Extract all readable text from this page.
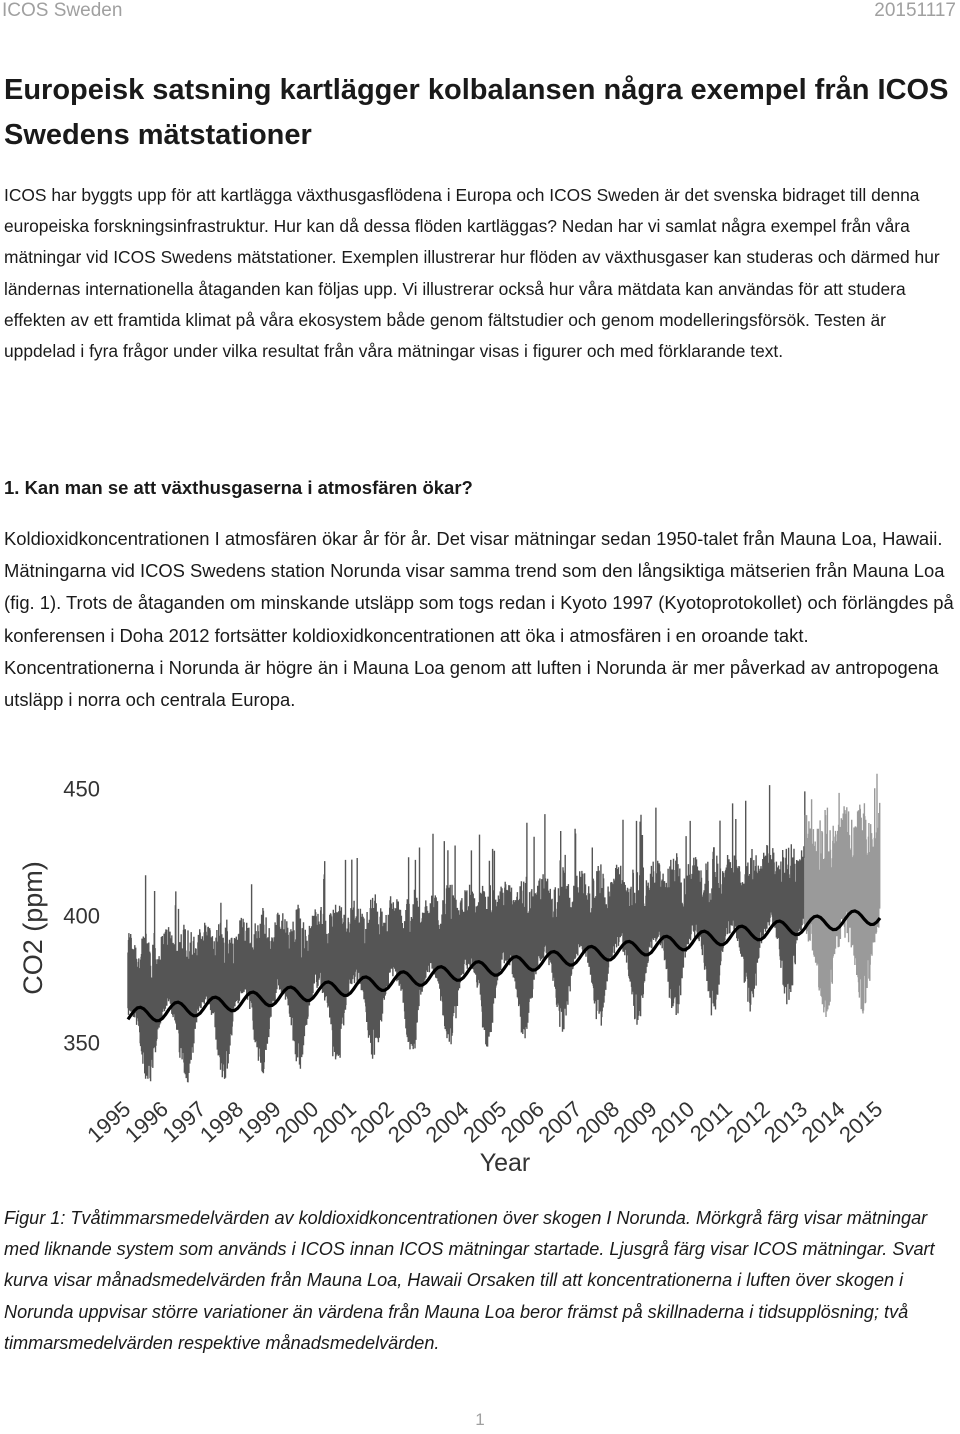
ICOS Sweden	20151117
Europeisk satsning kartlägger kolbalansen några exempel från ICOS Swedens mätstationer

ICOS har byggts upp för att kartlägga växthusgasflödena i Europa och ICOS Sweden är det svenska bidraget till denna europeiska forskningsinfrastruktur. Hur kan då dessa flöden kartläggas? Nedan har vi samlat några exempel från våra mätningar vid ICOS Swedens mätstationer. Exemplen illustrerar hur flöden av växthusgaser kan studeras och därmed hur ländernas internationella åtaganden kan följas upp. Vi illustrerar också hur våra mätdata kan användas för att studera effekten av ett framtida klimat på våra ekosystem både genom fältstudier och genom modelleringsförsök. Testen är uppdelad i fyra frågor under vilka resultat från våra mätningar visas i figurer och med förklarande text.

1. Kan man se att växthusgaserna i atmosfären ökar?

Koldioxidkoncentrationen I atmosfären ökar år för år. Det visar mätningar sedan 1950-talet från Mauna Loa, Hawaii. Mätningarna vid ICOS Swedens station Norunda visar samma trend som den långsiktiga mätserien från Mauna Loa (fig. 1). Trots de åtaganden om minskande utsläpp som togs redan i Kyoto 1997 (Kyotoprotokollet) och förlängdes på konferensen i Doha 2012 fortsätter koldioxidkoncentrationen att öka i atmosfären i en oroande takt. Koncentrationerna i Norunda är högre än i Mauna Loa genom att luften i Norunda är mer påverkad av antropogena utsläpp i norra och centrala Europa.

CO2 (ppm)
350
400
450
1995
1996
1997
1998
1999
2000
2001
2002
2003
2004
2005
2006
2007
2008
2009
2010
2011
2012
2013
2014
2015
Year

Figur 1: Tvåtimmarsmedelvärden av koldioxidkoncentrationen över skogen I Norunda. Mörkgrå färg visar mätningar med liknande system som används i ICOS innan ICOS mätningar startade. Ljusgrå färg visar ICOS mätningar. Svart kurva visar månadsmedelvärden från Mauna Loa, Hawaii Orsaken till att koncentrationerna i luften över skogen i Norunda uppvisar större variationer än värdena från Mauna Loa beror främst på skillnaderna i tidsupplösning; två timmarsmedelvärden respektive månadsmedelvärden.

1
